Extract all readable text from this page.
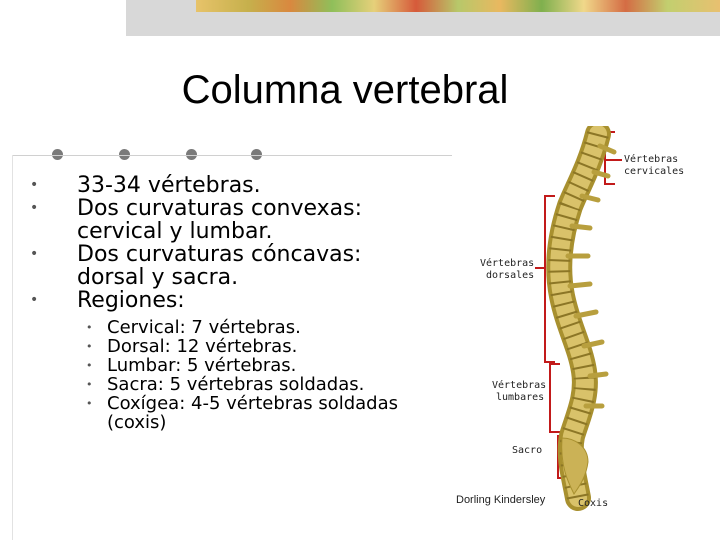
Columna vertebral
• 33-34 vértebras.
• Dos curvaturas convexas: cervical y lumbar.
• Dos curvaturas cóncavas: dorsal y sacra.
• Regiones:
• Cervical: 7 vértebras.
• Dorsal: 12 vértebras.
• Lumbar: 5 vértebras.
• Sacra: 5 vértebras soldadas.
• Coxígea: 4-5 vértebras soldadas (coxis)
Vértebras
cervicales
Vértebras
dorsales
Vértebras
lumbares
Sacro
Dorling Kindersley	Coxis
